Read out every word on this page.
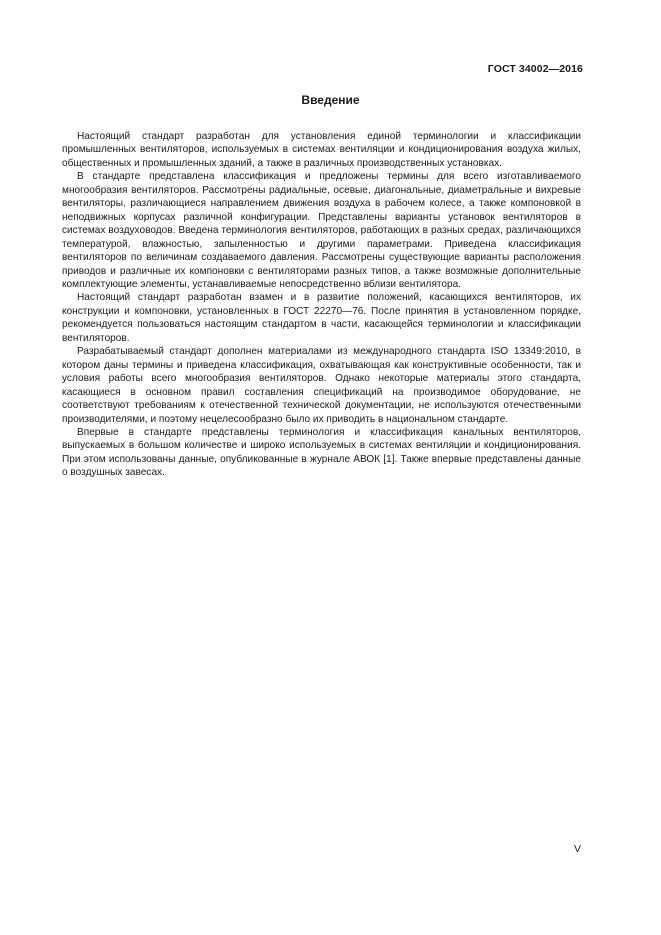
ГОСТ 34002—2016
Введение

Настоящий стандарт разработан для установления единой терминологии и классификации промышленных вентиляторов, используемых в системах вентиляции и кондиционирования воздуха жилых, общественных и промышленных зданий, а также в различных производственных установках.

В стандарте представлена классификация и предложены термины для всего изготавливаемого многообразия вентиляторов. Рассмотрены радиальные, осевые, диагональные, диаметральные и вихревые вентиляторы, различающиеся направлением движения воздуха в рабочем колесе, а также компоновкой в неподвижных корпусах различной конфигурации. Представлены варианты установок вентиляторов в системах воздуховодов. Введена терминология вентиляторов, работающих в разных средах, различающихся температурой, влажностью, запыленностью и другими параметрами. Приведена классификация вентиляторов по величинам создаваемого давления. Рассмотрены существующие варианты расположения приводов и различные их компоновки с вентиляторами разных типов, а также возможные дополнительные комплектующие элементы, устанавливаемые непосредственно вблизи вентилятора.

Настоящий стандарт разработан взамен и в развитие положений, касающихся вентиляторов, их конструкции и компоновки, установленных в ГОСТ 22270—76. После принятия в установленном порядке, рекомендуется пользоваться настоящим стандартом в части, касающейся терминологии и классификации вентиляторов.

Разрабатываемый стандарт дополнен материалами из международного стандарта ISO 13349:2010, в котором даны термины и приведена классификация, охватывающая как конструктивные особенности, так и условия работы всего многообразия вентиляторов. Однако некоторые материалы этого стандарта, касающиеся в основном правил составления спецификаций на производимое оборудование, не соответствуют требованиям к отечественной технической документации, не используются отечественными производителями, и поэтому нецелесообразно было их приводить в национальном стандарте.

Впервые в стандарте представлены терминология и классификация канальных вентиляторов, выпускаемых в большом количестве и широко используемых в системах вентиляции и кондиционирования. При этом использованы данные, опубликованные в журнале АВОК [1]. Также впервые представлены данные о воздушных завесах.

V
